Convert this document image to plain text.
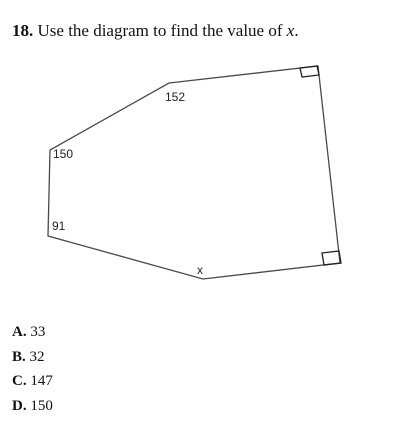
18. Use the diagram to find the value of x.
152
150
91
x
A. 33
B. 32
C. 147
D. 150
